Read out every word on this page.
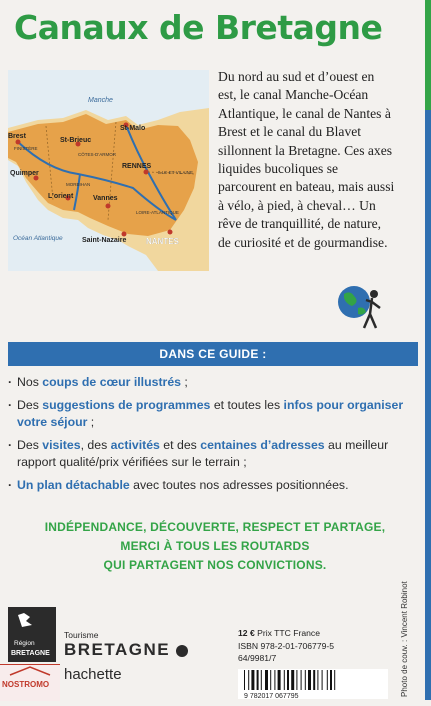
Canaux de Bretagne
Manche
Océan Atlantique
St-Malo
Brest
St-Brieuc
Quimper
RENNES
L’orient	Vannes
Saint-Nazaire NANTES
FINISTÈRE
CÔTES-D’ARMOR
ILLE-ET-VILAINE
MORBIHAN
LOIRE-ATLANTIQUE
Du nord au sud et d’ouest en est, le canal Manche-Océan Atlantique, le canal de Nantes à Brest et le canal du Blavet sillonnent la Bretagne. Ces axes liquides bucoliques se parcourent en bateau, mais aussi à vélo, à pied, à cheval… Un rêve de tranquillité, de nature, de curiosité et de gourmandise.
DANS CE GUIDE :
· Nos coups de cœur illustrés ;
· Des suggestions de programmes et toutes les infos pour organiser votre séjour ;
· Des visites, des activités et des centaines d’adresses au meilleur rapport qualité/prix vérifiées sur le terrain ;
· Un plan détachable avec toutes nos adresses positionnées.
INDÉPENDANCE, DÉCOUVERTE, RESPECT ET PARTAGE,
MERCI À TOUS LES ROUTARDS
QUI PARTAGENT NOS CONVICTIONS.
Région
BRETAGNE
Tourisme
BRETAGNE
hachette
NOSTROMO
12 € Prix TTC France
ISBN 978-2-01-706779-5
64/9981/7
9 782017 067795	Photo de couv. : Vincent Robinot
